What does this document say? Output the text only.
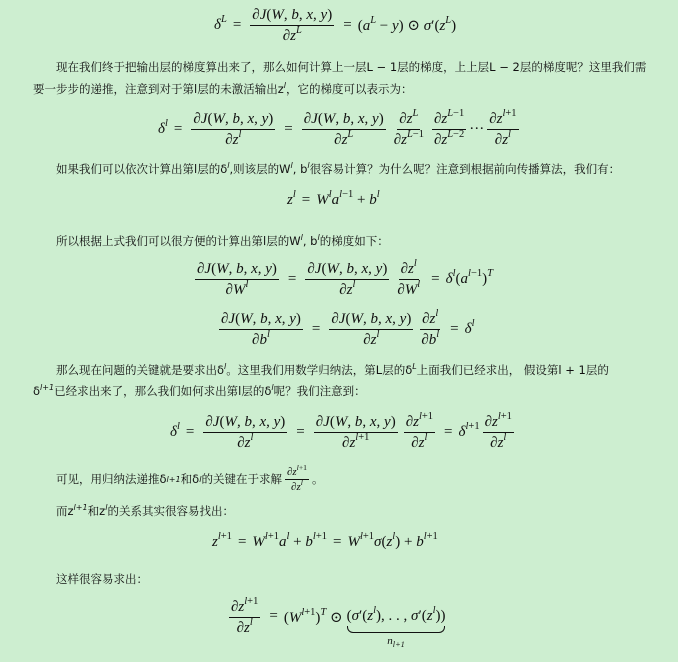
$\delta^L = \frac{\partial J(W, b, x, y)}{\partial z^L} = (a^L - y)$ ⊙ $\sigma'(z^L)$
现在我们终于把输出层的梯度算出来了，那么如何计算上一层L − 1层的梯度，上上层L − 2层的梯度呢？这里我们需
要一步步的递推，注意到对于第l层的未激活输出$z^l$，它的梯度可以表示为：
$\delta^l = \frac{\partial J(W, b, x, y)}{\partial z^l} = \frac{\partial J(W, b, x, y)}{\partial z^L} \frac{\partial z^L}{\partial z^{L-1}} \frac{\partial z^{L-1}}{\partial z^{L-2}}$ ··· $\frac{\partial z^{l+1}}{\partial z^l}$
如果我们可以依次计算出第l层的$\delta^l$,则该层的$W^l$, $b^l$很容易计算？为什么呢？注意到根据前向传播算法，我们有：
$z^l = W^la^{l-1} + b^l$
所以根据上式我们可以很方便的计算出第l层的$W^l$, $b^l$的梯度如下：
$\frac{\partial J(W, b, x, y)}{\partial W^l} = \frac{\partial J(W, b, x, y)}{\partial z^l} \frac{\partial z^l}{\partial W^l} = \delta^l(a^{l-1})^T$
$\frac{\partial J(W, b, x, y)}{\partial b^l} = \frac{\partial J(W, b, x, y)}{\partial z^l} \frac{\partial z^l}{\partial b^l} = \delta^l$
那么现在问题的关键就是要求出$\delta^l$。这里我们用数学归纳法，第L层的$\delta^L$上面我们已经求出， 假设第l + 1层的
$\delta^{l+1}$已经求出来了，那么我们如何求出第l层的$\delta^l$呢？我们注意到：
$\delta^l = \frac{\partial J(W, b, x, y)}{\partial z^l} = \frac{\partial J(W, b, x, y)}{\partial z^{l+1}} \frac{\partial z^{l+1}}{\partial z^l} = \delta^{l+1} \frac{\partial z^{l+1}}{\partial z^l}$
可见，用归纳法递推δ l+1 和δ l 的关键在于求解 $\frac{\partial z^{l+1}}{\partial z^l}$ 。
而$z^{l+1}$和$z^l$的关系其实很容易找出：
$z^{l+1} = W^{l+1}a^l + b^{l+1} = W^{l+1}\sigma(z^l) + b^{l+1}$
这样很容易求出：
$\frac{\partial z^{l+1}}{\partial z^l} = (W^{l+1})^T$ ⊙ ($\sigma'(z^l)$, . . , $\sigma'(z^l)$)
$n_{l+1}$
